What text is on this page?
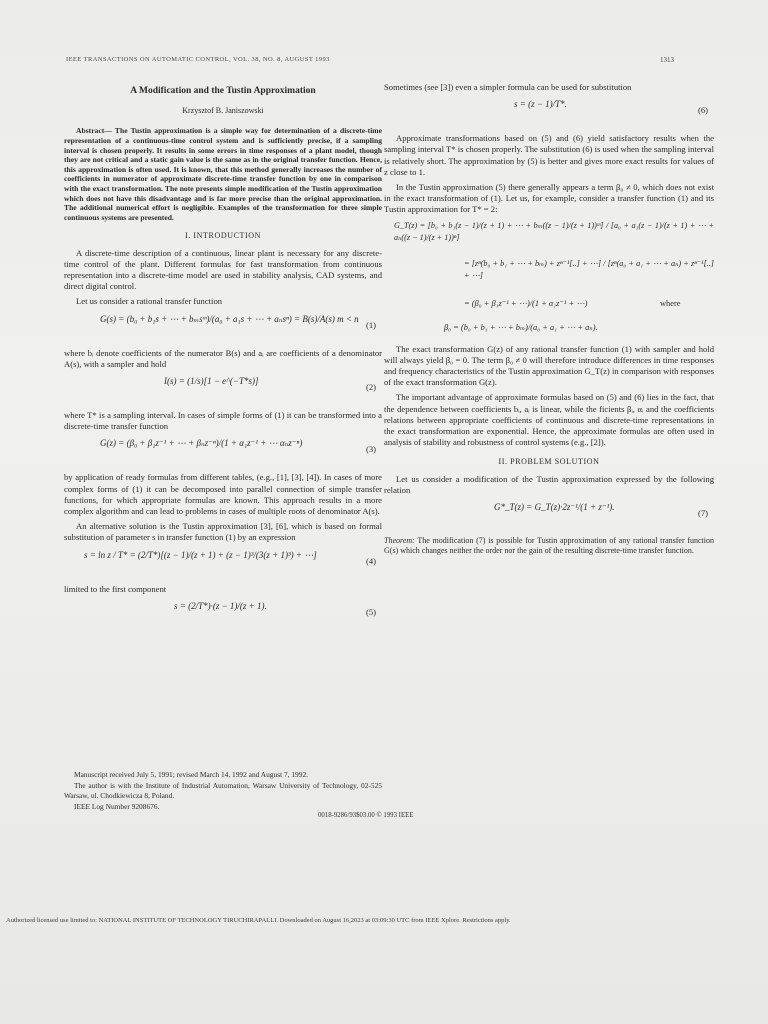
IEEE TRANSACTIONS ON AUTOMATIC CONTROL, VOL. 38, NO. 8, AUGUST 1993	1313
A Modification and the Tustin Approximation
Krzysztof B. Janiszowski
Abstract— The Tustin approximation is a simple way for determination of a discrete-time representation of a continuous-time control system and is sufficiently precise, if a sampling interval is chosen properly. It results in some errors in time responses of a plant model, though they are not critical and a static gain value is the same as in the original transfer function. Hence, this approximation is often used. It is known, that this method generally increases the number of coefficients in numerator of approximate discrete-time transfer function by one in comparison with the exact transformation. The note presents simple modification of the Tustin approximation which does not have this disadvantage and is far more precise than the original approximation. The additional numerical effort is negligible. Examples of the transformation for three simple continuous systems are presented.
I. INTRODUCTION

A discrete-time description of a continuous, linear plant is necessary for any discrete-time control of the plant. Different formulas for fast transformation from continuous representation into a discrete-time model are used in stability analysis, CAD systems, and direct digital control.

Let us consider a rational transfer function

G(s) = (b₀ + b₁s + ⋯ + bₘsᵐ)/(a₀ + a₁s + ⋯ + aₙsⁿ) = B(s)/A(s) m < n
(1)

where bᵢ denote coefficients of the numerator B(s) and aᵢ are coefficients of a denominator A(s), with a sampler and hold

I(s) = (1/s)[1 − e^(−T*s)]
(2)

where T* is a sampling interval. In cases of simple forms of (1) it can be transformed into a discrete-time transfer function

G(z) = (β₀ + β₁z⁻¹ + ⋯ + βₙz⁻ⁿ)/(1 + α₁z⁻¹ + ⋯ αₙz⁻ⁿ)
(3)

by application of ready formulas from different tables, (e.g., [1], [3], [4]). In cases of more complex forms of (1) it can be decomposed into parallel connection of simple transfer functions, for which appropriate formulas are known. This approach results in a more complex algorithm and can lead to problems in cases of multiple roots of denominator A(s).

An alternative solution is the Tustin approximation [3], [6], which is based on formal substitution of parameter s in transfer function (1) by an expression

s = ln z / T* = (2/T*)[(z − 1)/(z + 1) + (z − 1)³/(3(z + 1)³) + ⋯]
(4)

limited to the first component

s = (2/T*)·(z − 1)/(z + 1).
(5)

Manuscript received July 5, 1991; revised March 14, 1992 and August 7, 1992.

The author is with the Institute of Industrial Automation, Warsaw University of Technology, 02-525 Warsaw, ul. Chodkiewicza 8, Poland.

IEEE Log Number 9208676.

Sometimes (see [3]) even a simpler formula can be used for substitution

s = (z − 1)/T*.
(6)

Approximate transformations based on (5) and (6) yield satisfactory results when the sampling interval T* is chosen properly. The substitution (6) is used when the sampling interval is relatively short. The approximation by (5) is better and gives more exact results for values of z close to 1.

In the Tustin approximation (5) there generally appears a term β₀ ≠ 0, which does not exist in the exact transformation of (1). Let us, for example, consider a transfer function (1) and its Tustin approximation for T* = 2:

G_T(z) = [b₀ + b₁(z − 1)/(z + 1) + ⋯ + bₘ((z − 1)/(z + 1))ᵐ] / [a₀ + a₁(z − 1)/(z + 1) + ⋯ + aₙ((z − 1)/(z + 1))ⁿ]
= [zⁿ(b₀ + b₁ + ⋯ + bₘ) + zⁿ⁻¹[..] + ⋯] / [zⁿ(a₀ + a₁ + ⋯ + aₙ) + zⁿ⁻¹[..] + ⋯]
= (β₀ + β₁z⁻¹ + ⋯)/(1 + α₁z⁻¹ + ⋯)	where
β₀ = (b₀ + b₁ + ⋯ + bₘ)/(a₀ + a₁ + ⋯ + aₙ).

The exact transformation G(z) of any rational transfer function (1) with sampler and hold will always yield β₀ = 0. The term β₀ ≠ 0 will therefore introduce differences in time responses and frequency characteristics of the Tustin approximation G_T(z) in comparison with responses of the exact transformation G(z).

The important advantage of approximate formulas based on (5) and (6) lies in the fact, that the dependence between coefficients bᵢ, aᵢ is linear, while the ficients βᵢ, αᵢ and the coefficients relations between appropriate coefficients of continuous and discrete-time representations in the exact transformation are exponential. Hence, the approximate formulas are often used in analysis of stability and robustness of control systems (e.g., [2]).

II. PROBLEM SOLUTION

Let us consider a modification of the Tustin approximation expressed by the following relation

G*_T(z) = G_T(z)·2z⁻¹/(1 + z⁻¹).
(7)
Theorem: The modification (7) is possible for Tustin approximation of any rational transfer function G(s) which changes neither the order nor the gain of the resulting discrete-time transfer function.
0018-9286/93$03.00 © 1993 IEEE
Authorized licensed use limited to: NATIONAL INSTITUTE OF TECHNOLOGY TIRUCHIRAPALLI. Downloaded on August 16,2023 at 03:09:30 UTC from IEEE Xplore. Restrictions apply.
